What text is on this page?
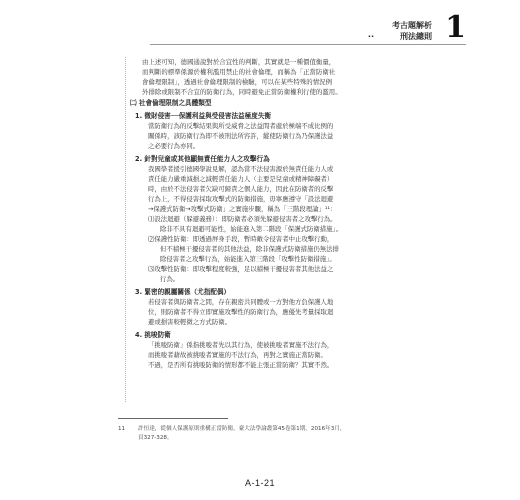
..
考古題解析
刑法總則 1
由上述可知，德國通說對於合宜性的判斷，其實就是一種價值衡量，
而判斷的標準係源於權利濫用禁止的社會倫理，而稱為「正當防衛社
會倫理限制」，透過社會倫理限制的檢驗，可以在某些特殊的情況例
外排除或限制不合宜的防衛行為，同時避免正當防衛權利行使的濫用。
㈡ 社會倫理限制之具體類型
1. 微財侵害──保護利益與受侵害法益極度失衡
當防衛行為的反擊結果與所受威脅之法益間者處於極端不成比例的
關係時，該防衛行為即不被刑法所容許，縱使防衛行為乃保護法益
之必要行為亦同。
2. 針對兒童或其他顯無責任能力人之攻擊行為
我國學者援引德國學說見解，認為當不法侵害源於無責任能力人或
責任能力嚴重減損之減輕責任能力人（主要是兒童或精神障礙者）
時，由於不法侵害者欠缺可歸責之個人能力，因此在防衛者的反擊
行為上，不得侵害採取攻擊式的防衛措施，毋寧應遵守「設法迴避
→保護式防衛→攻擊式防衛」之實施步驟，稱為「三階段理論」¹¹：
⑴設法迴避（躲避義務）：即防衛者必須先躲避侵害者之攻擊行為。
除非不具有迴避可能性，始能進入第二階段「保護式防衛措施」。
⑵保護性防衛：即透過屏身手段，暫時敵令侵害者中止攻擊行動，
但不積極干擾侵害者的其他法益，除非保護式防衛措施仍無法排
除侵害者之攻擊行為，始能進入第三階段「攻擊性防衛措施」。
⑶攻擊性防衛：即攻擊程度較強，足以積極干擾侵害者其他法益之
行為。
3. 緊密的親屬關係（尤指配偶）
若侵害者與防衛者之間，存在親密共同體或一方對他方負保護人地
位，則防衛者不得立即實施攻擊性的防衛行為，應優先考量採取迴
避或損害較輕微之方式防衛。
4. 挑唆防衛
「挑唆防衛」係指挑唆者先以其行為，使被挑唆者實施不法行為，
而挑唆者藉故被挑唆者實施的不法行為，再對之實施正當防衛。
不過，是否所有挑唆防衛的情形都不能主張正當防衛？其實不然。
11 許恒達，從個人保護原則重構正當防衛，臺大法學論叢第45卷第1期，2016年3月，
頁327-328。
A-1-21
